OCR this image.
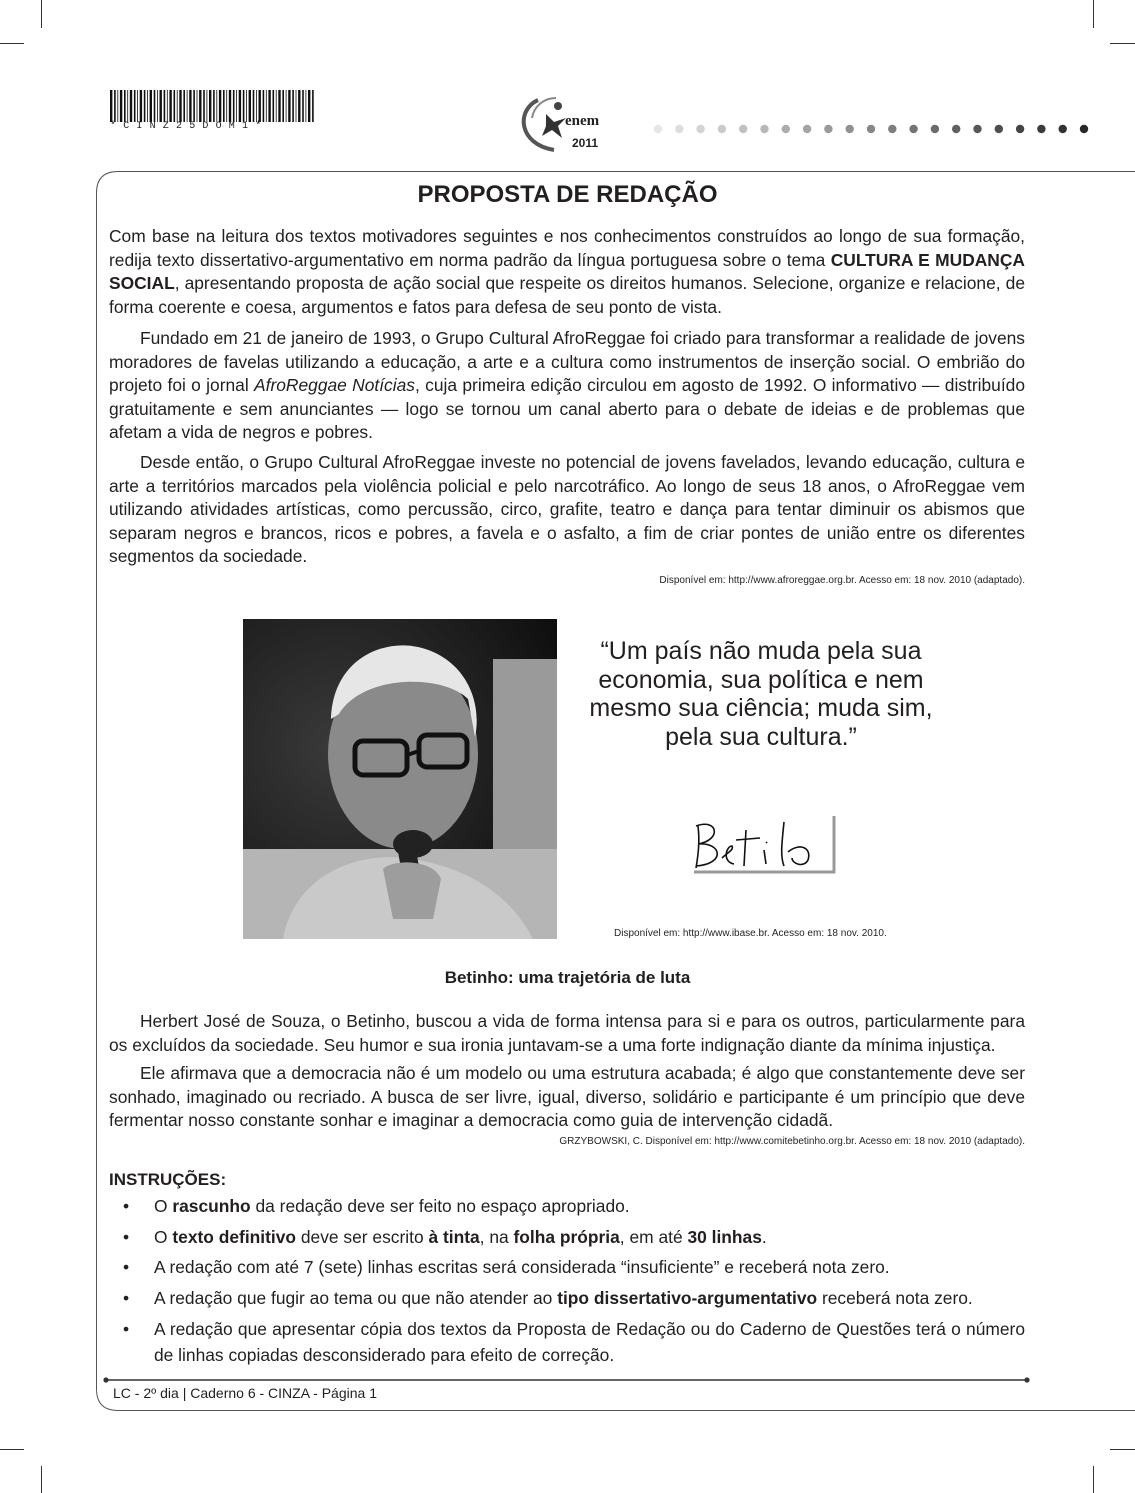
*CINZ25DOM1*	enem
2011
PROPOSTA DE REDAÇÃO

Com base na leitura dos textos motivadores seguintes e nos conhecimentos construídos ao longo de sua formação, redija texto dissertativo-argumentativo em norma padrão da língua portuguesa sobre o tema CULTURA E MUDANÇA SOCIAL, apresentando proposta de ação social que respeite os direitos humanos. Selecione, organize e relacione, de forma coerente e coesa, argumentos e fatos para defesa de seu ponto de vista.

Fundado em 21 de janeiro de 1993, o Grupo Cultural AfroReggae foi criado para transformar a realidade de jovens moradores de favelas utilizando a educação, a arte e a cultura como instrumentos de inserção social. O embrião do projeto foi o jornal AfroReggae Notícias, cuja primeira edição circulou em agosto de 1992. O informativo — distribuído gratuitamente e sem anunciantes — logo se tornou um canal aberto para o debate de ideias e de problemas que afetam a vida de negros e pobres.

Desde então, o Grupo Cultural AfroReggae investe no potencial de jovens favelados, levando educação, cultura e arte a territórios marcados pela violência policial e pelo narcotráfico. Ao longo de seus 18 anos, o AfroReggae vem utilizando atividades artísticas, como percussão, circo, grafite, teatro e dança para tentar diminuir os abismos que separam negros e brancos, ricos e pobres, a favela e o asfalto, a fim de criar pontes de união entre os diferentes segmentos da sociedade.

Disponível em: http://www.afroreggae.org.br. Acesso em: 18 nov. 2010 (adaptado).

“Um país não muda pela sua economia, sua política e nem mesmo sua ciência; muda sim, pela sua cultura.”

Disponível em: http://www.ibase.br. Acesso em: 18 nov. 2010.
Betinho: uma trajetória de luta

Herbert José de Souza, o Betinho, buscou a vida de forma intensa para si e para os outros, particularmente para os excluídos da sociedade. Seu humor e sua ironia juntavam-se a uma forte indignação diante da mínima injustiça.

Ele afirmava que a democracia não é um modelo ou uma estrutura acabada; é algo que constantemente deve ser sonhado, imaginado ou recriado. A busca de ser livre, igual, diverso, solidário e participante é um princípio que deve fermentar nosso constante sonhar e imaginar a democracia como guia de intervenção cidadã.

GRZYBOWSKI, C. Disponível em: http://www.comitebetinho.org.br. Acesso em: 18 nov. 2010 (adaptado).
INSTRUÇÕES:
• O rascunho da redação deve ser feito no espaço apropriado.
• O texto definitivo deve ser escrito à tinta, na folha própria, em até 30 linhas.
• A redação com até 7 (sete) linhas escritas será considerada “insuficiente” e receberá nota zero.
• A redação que fugir ao tema ou que não atender ao tipo dissertativo-argumentativo receberá nota zero.
• A redação que apresentar cópia dos textos da Proposta de Redação ou do Caderno de Questões terá o número de linhas copiadas desconsiderado para efeito de correção.
LC - 2º dia | Caderno 6 - CINZA - Página 1
